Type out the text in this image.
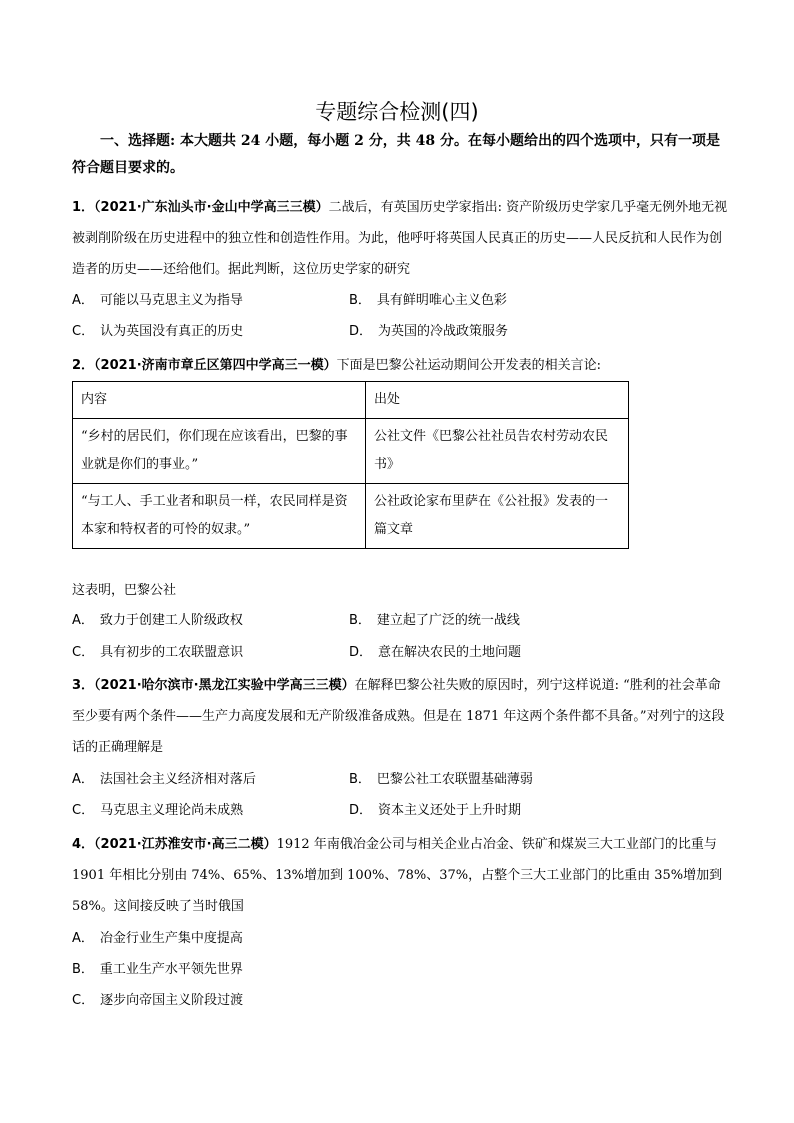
专题综合检测(四)
一、选择题: 本大题共 24 小题，每小题 2 分，共 48 分。在每小题给出的四个选项中，只有一项是符合题目要求的。
1．（2021·广东汕头市·金山中学高三三模）二战后，有英国历史学家指出: 资产阶级历史学家几乎毫无例外地无视被剥削阶级在历史进程中的独立性和创造性作用。为此，他呼吁将英国人民真正的历史——人民反抗和人民作为创造者的历史——还给他们。据此判断，这位历史学家的研究
A． 可能以马克思主义为指导	B． 具有鲜明唯心主义色彩
C． 认为英国没有真正的历史	D． 为英国的冷战政策服务
2．（2021·济南市章丘区第四中学高三一模）下面是巴黎公社运动期间公开发表的相关言论:
内容	出处
“乡村的居民们，你们现在应该看出，巴黎的事业就是你们的事业。”	公社文件《巴黎公社社员告农村劳动农民书》
“与工人、手工业者和职员一样，农民同样是资本家和特权者的可怜的奴隶。”	公社政论家布里萨在《公社报》发表的一篇文章
这表明，巴黎公社
A． 致力于创建工人阶级政权	B． 建立起了广泛的统一战线
C． 具有初步的工农联盟意识	D． 意在解决农民的土地问题
3．（2021·哈尔滨市·黑龙江实验中学高三三模）在解释巴黎公社失败的原因时，列宁这样说道: “胜利的社会革命至少要有两个条件——生产力高度发展和无产阶级准备成熟。但是在 1871 年这两个条件都不具备。”对列宁的这段话的正确理解是
A． 法国社会主义经济相对落后	B． 巴黎公社工农联盟基础薄弱
C． 马克思主义理论尚未成熟	D． 资本主义还处于上升时期
4．（2021·江苏淮安市·高三二模）1912 年南俄冶金公司与相关企业占冶金、铁矿和煤炭三大工业部门的比重与 1901 年相比分别由 74%、65%、13%增加到 100%、78%、37%，占整个三大工业部门的比重由 35%增加到 58%。这间接反映了当时俄国
A． 冶金行业生产集中度提高
B． 重工业生产水平领先世界
C． 逐步向帝国主义阶段过渡
